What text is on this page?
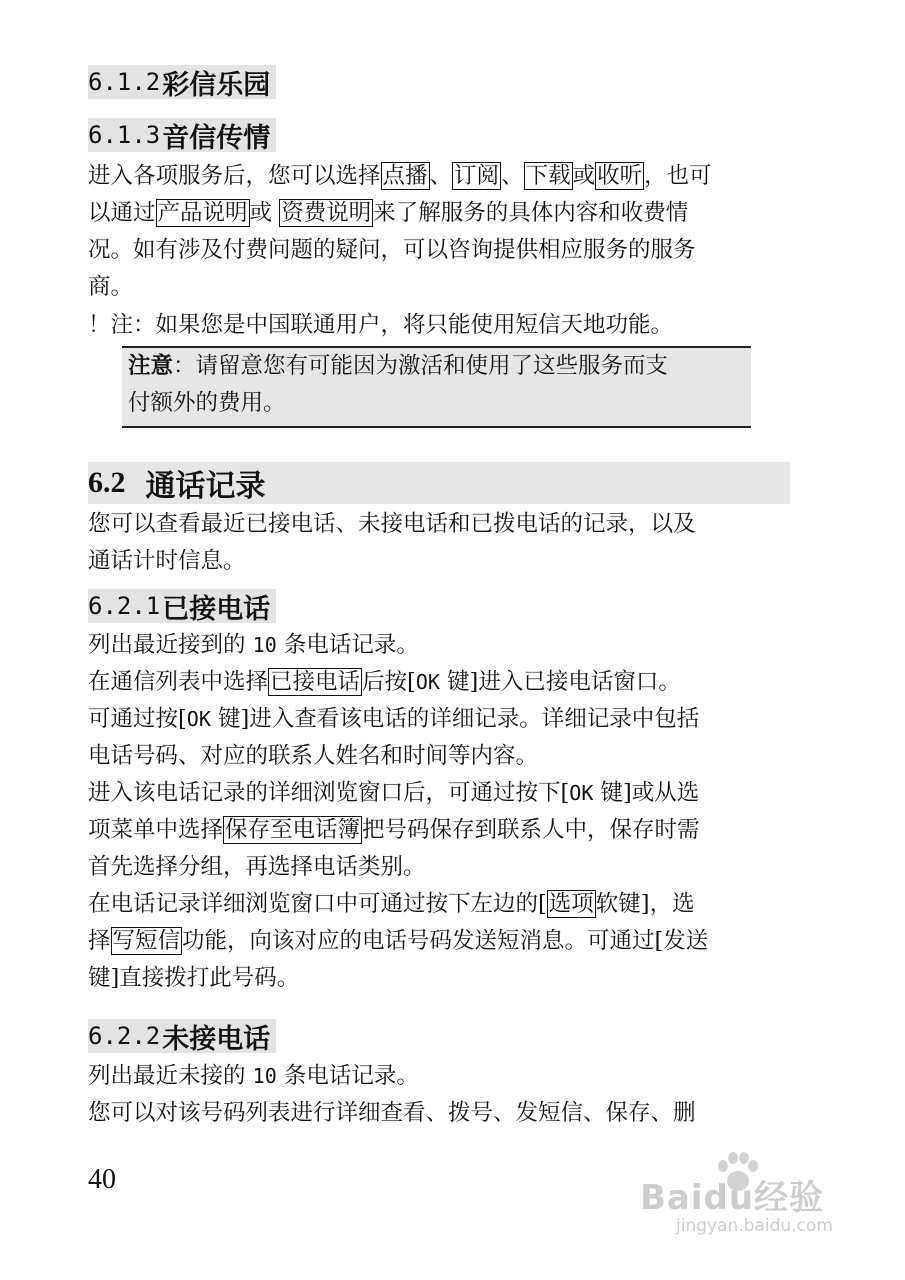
6.1.2 彩信乐园
6.1.3 音信传情
进入各项服务后，您可以选择点播、订阅、下载或收听，也可
以通过产品说明或 资费说明来了解服务的具体内容和收费情
况。如有涉及付费问题的疑问，可以咨询提供相应服务的服务
商。
！注：如果您是中国联通用户，将只能使用短信天地功能。
注意：请留意您有可能因为激活和使用了这些服务而支
付额外的费用。
6.2 通话记录
您可以查看最近已接电话、未接电话和已拨电话的记录，以及
通话计时信息。
6.2.1 已接电话
列出最近接到的 10 条电话记录。
在通信列表中选择已接电话后按[OK 键]进入已接电话窗口。
可通过按[OK 键]进入查看该电话的详细记录。详细记录中包括
电话号码、对应的联系人姓名和时间等内容。
进入该电话记录的详细浏览窗口后，可通过按下[OK 键]或从选
项菜单中选择保存至电话簿把号码保存到联系人中，保存时需
首先选择分组，再选择电话类别。
在电话记录详细浏览窗口中可通过按下左边的[选项软键]，选
择写短信功能，向该对应的电话号码发送短消息。可通过[发送
键]直接拨打此号码。
6.2.2 未接电话
列出最近未接的 10 条电话记录。
您可以对该号码列表进行详细查看、拨号、发短信、保存、删
40	Baidu经验
jingyan.baidu.com
